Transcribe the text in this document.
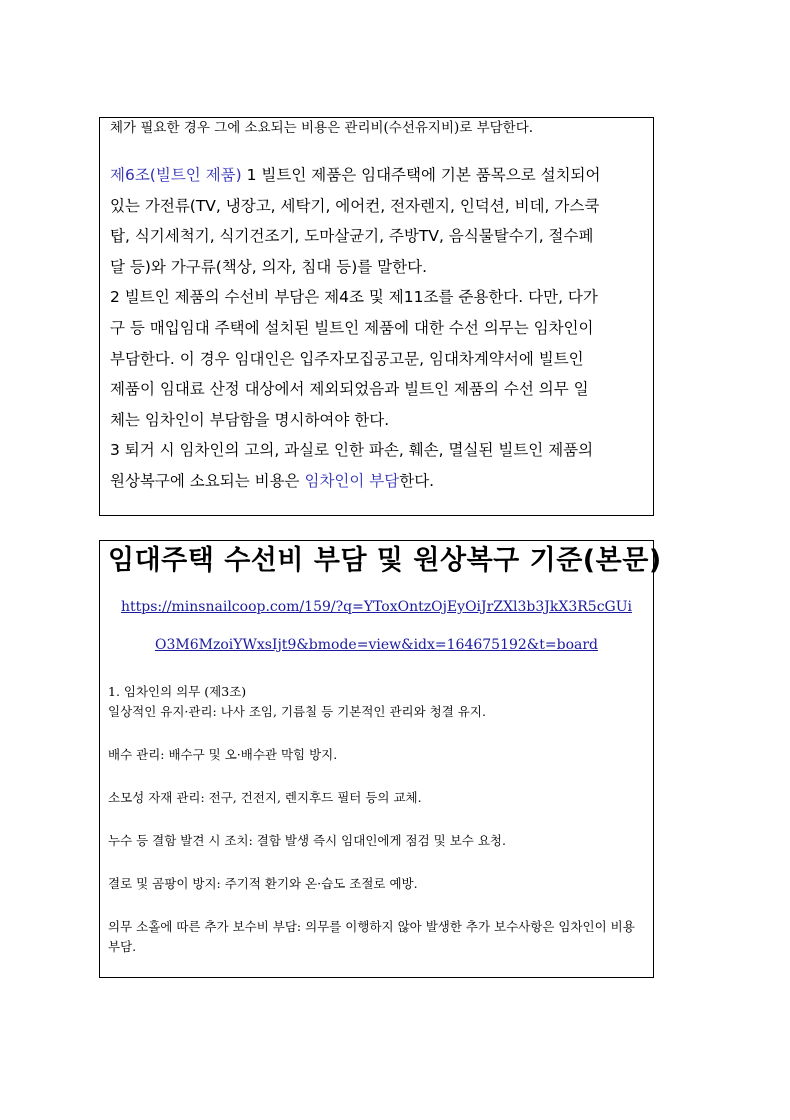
체가 필요한 경우 그에 소요되는 비용은 관리비(수선유지비)로 부담한다.

제6조(빌트인 제품) 1 빌트인 제품은 임대주택에 기본 품목으로 설치되어

있는 가전류(TV, 냉장고, 세탁기, 에어컨, 전자렌지, 인덕션, 비데, 가스쿡

탑, 식기세척기, 식기건조기, 도마살균기, 주방TV, 음식물탈수기, 절수페

달 등)와 가구류(책상, 의자, 침대 등)를 말한다.

2 빌트인 제품의 수선비 부담은 제4조 및 제11조를 준용한다. 다만, 다가

구 등 매입임대 주택에 설치된 빌트인 제품에 대한 수선 의무는 임차인이

부담한다. 이 경우 임대인은 입주자모집공고문, 임대차계약서에 빌트인

제품이 임대료 산정 대상에서 제외되었음과 빌트인 제품의 수선 의무 일

체는 임차인이 부담함을 명시하여야 한다.

3 퇴거 시 임차인의 고의, 과실로 인한 파손, 훼손, 멸실된 빌트인 제품의

원상복구에 소요되는 비용은 임차인이 부담한다.

임대주택 수선비 부담 및 원상복구 기준(본문)
https://minsnailcoop.com/159/?q=YToxOntzOjEyOiJrZXl3b3JkX3R5cGUi
O3M6MzoiYWxsIjt9&bmode=view&idx=164675192&t=board
1. 임차인의 의무 (제3조)
일상적인 유지·관리: 나사 조임, 기름칠 등 기본적인 관리와 청결 유지.
배수 관리: 배수구 및 오·배수관 막힘 방지.
소모성 자재 관리: 전구, 건전지, 렌지후드 필터 등의 교체.
누수 등 결함 발견 시 조치: 결함 발생 즉시 임대인에게 점검 및 보수 요청.
결로 및 곰팡이 방지: 주기적 환기와 온·습도 조절로 예방.
의무 소홀에 따른 추가 보수비 부담: 의무를 이행하지 않아 발생한 추가 보수사항은 임차인이 비용 부담.
